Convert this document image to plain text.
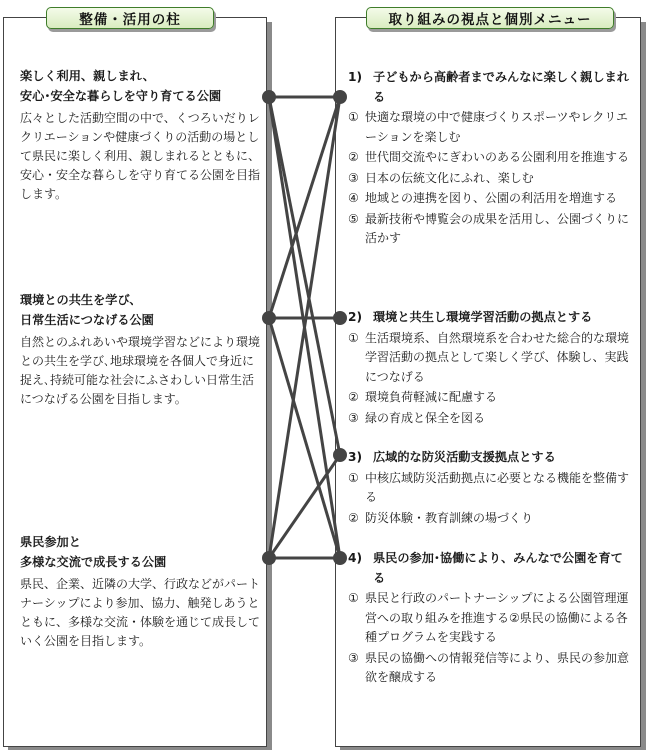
整備・活用の柱	取り組みの視点と個別メニュー
楽しく利用、親しまれ、
安心･安全な暮らしを守り育てる公園
広々とした活動空間の中で、くつろいだりレクリエーションや健康づくりの活動の場として県民に楽しく利用、親しまれるとともに、安心・安全な暮らしを守り育てる公園を目指します。
環境との共生を学び、
日常生活につなげる公園
自然とのふれあいや環境学習などにより環境との共生を学び､地球環境を各個人で身近に捉え､持続可能な社会にふさわしい日常生活につなげる公園を目指します。
県民参加と
多様な交流で成長する公園
県民、企業、近隣の大学、行政などがパートナーシップにより参加、協力、触発しあうとともに、多様な交流・体験を通じて成長していく公園を目指します。
1) 子どもから高齢者までみんなに楽しく親しまれる
① 快適な環境の中で健康づくりスポーツやレクリエーションを楽しむ
② 世代間交流やにぎわいのある公園利用を推進する
③ 日本の伝統文化にふれ、楽しむ
④ 地域との連携を図り、公園の利活用を増進する
⑤ 最新技術や博覧会の成果を活用し、公園づくりに活かす
2) 環境と共生し環境学習活動の拠点とする
① 生活環境系、自然環境系を合わせた総合的な環境学習活動の拠点として楽しく学び、体験し、実践につなげる
② 環境負荷軽減に配慮する
③ 緑の育成と保全を図る
3) 広域的な防災活動支援拠点とする
① 中核広域防災活動拠点に必要となる機能を整備する
② 防災体験・教育訓練の場づくり
4) 県民の参加･協働により、みんなで公園を育てる
① 県民と行政のパートナーシップによる公園管理運営への取り組みを推進する②県民の協働による各種プログラムを実践する
③ 県民の協働への情報発信等により、県民の参加意欲を醸成する
